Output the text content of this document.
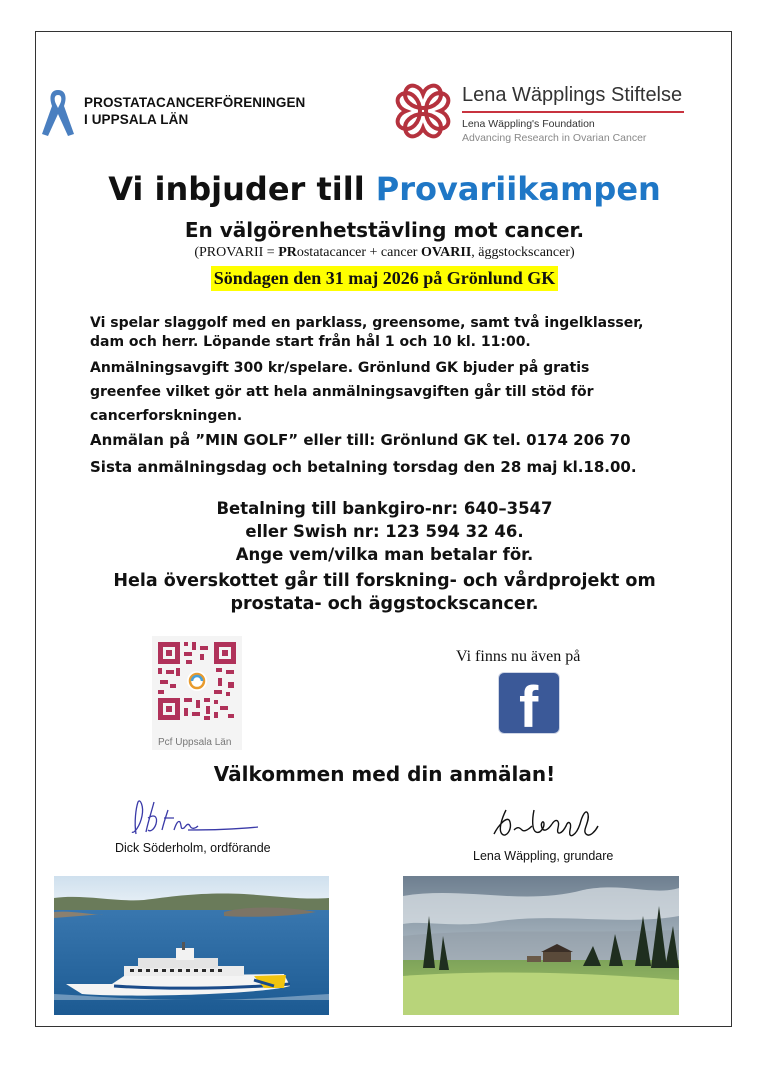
PROSTATACANCERFÖRENINGEN
I UPPSALA LÄN
Lena Wäpplings Stiftelse
Lena Wäppling's Foundation
Advancing Research in Ovarian Cancer
Vi inbjuder till Provariikampen
En välgörenhetstävling mot cancer.
(PROVARII = PRostatacancer + cancer OVARII, äggstockscancer)
Söndagen den 31 maj 2026 på Grönlund GK
Vi spelar slaggolf med en parklass, greensome, samt två ingelklasser,
dam och herr. Löpande start från hål 1 och 10 kl. 11:00.
Anmälningsavgift 300 kr/spelare. Grönlund GK bjuder på gratis
greenfee vilket gör att hela anmälningsavgiften går till stöd för
cancerforskningen.
Anmälan på ”MIN GOLF” eller till: Grönlund GK tel. 0174 206 70
Sista anmälningsdag och betalning torsdag den 28 maj kl.18.00.
Betalning till bankgiro-nr: 640–3547
eller Swish nr: 123 594 32 46.
Ange vem/vilka man betalar för.
Hela överskottet går till forskning- och vårdprojekt om
prostata- och äggstockscancer.
Pcf Uppsala Län
Vi finns nu även på
f
Välkommen med din anmälan!
Dick Söderholm, ordförande
Lena Wäppling, grundare
